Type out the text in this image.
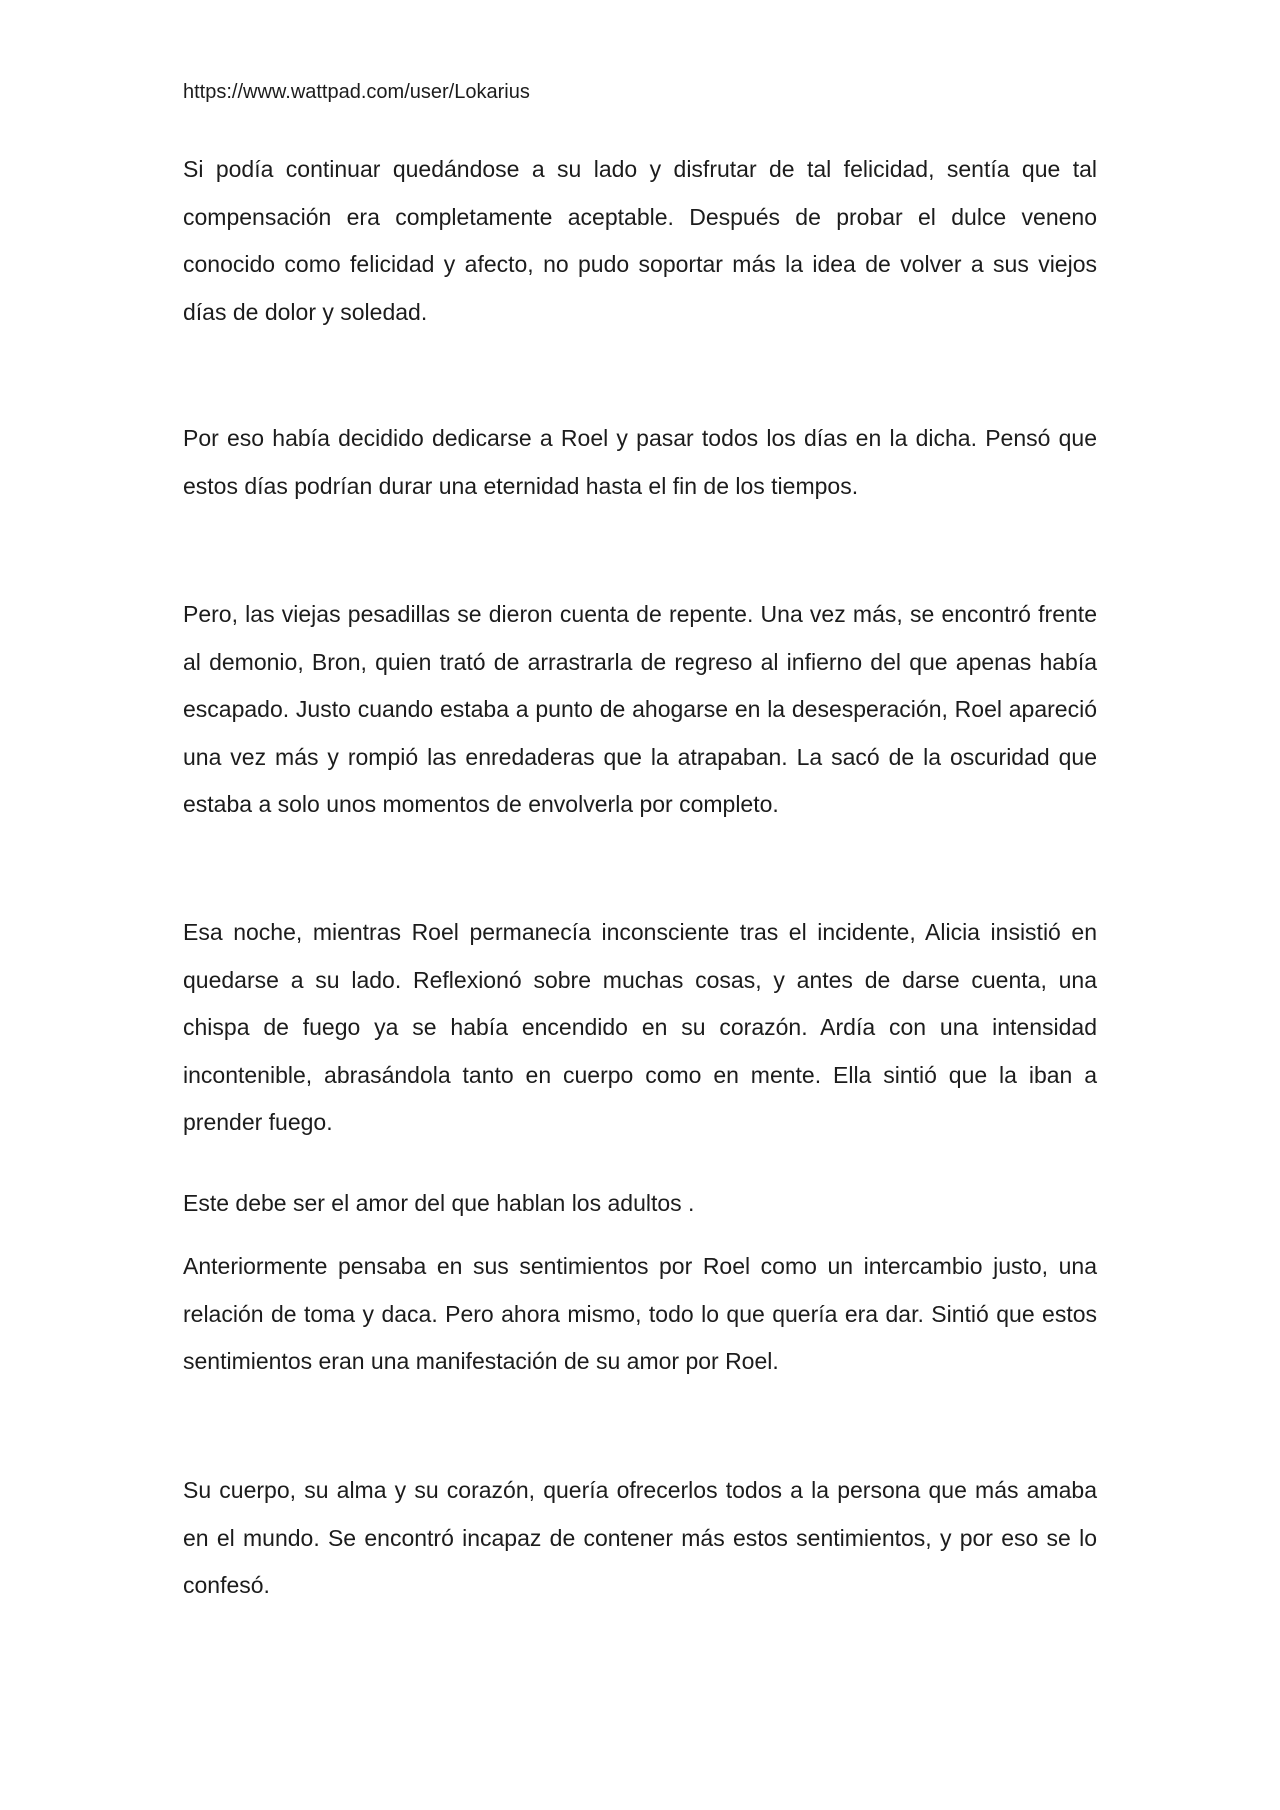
https://www.wattpad.com/user/Lokarius

Si podía continuar quedándose a su lado y disfrutar de tal felicidad, sentía que tal compensación era completamente aceptable. Después de probar el dulce veneno conocido como felicidad y afecto, no pudo soportar más la idea de volver a sus viejos días de dolor y soledad.

Por eso había decidido dedicarse a Roel y pasar todos los días en la dicha. Pensó que estos días podrían durar una eternidad hasta el fin de los tiempos.

Pero, las viejas pesadillas se dieron cuenta de repente. Una vez más, se encontró frente al demonio, Bron, quien trató de arrastrarla de regreso al infierno del que apenas había escapado. Justo cuando estaba a punto de ahogarse en la desesperación, Roel apareció una vez más y rompió las enredaderas que la atrapaban. La sacó de la oscuridad que estaba a solo unos momentos de envolverla por completo.

Esa noche, mientras Roel permanecía inconsciente tras el incidente, Alicia insistió en quedarse a su lado. Reflexionó sobre muchas cosas, y antes de darse cuenta, una chispa de fuego ya se había encendido en su corazón. Ardía con una intensidad incontenible, abrasándola tanto en cuerpo como en mente. Ella sintió que la iban a prender fuego.

Este debe ser el amor del que hablan los adultos .

Anteriormente pensaba en sus sentimientos por Roel como un intercambio justo, una relación de toma y daca. Pero ahora mismo, todo lo que quería era dar. Sintió que estos sentimientos eran una manifestación de su amor por Roel.

Su cuerpo, su alma y su corazón, quería ofrecerlos todos a la persona que más amaba en el mundo. Se encontró incapaz de contener más estos sentimientos, y por eso se lo confesó.
